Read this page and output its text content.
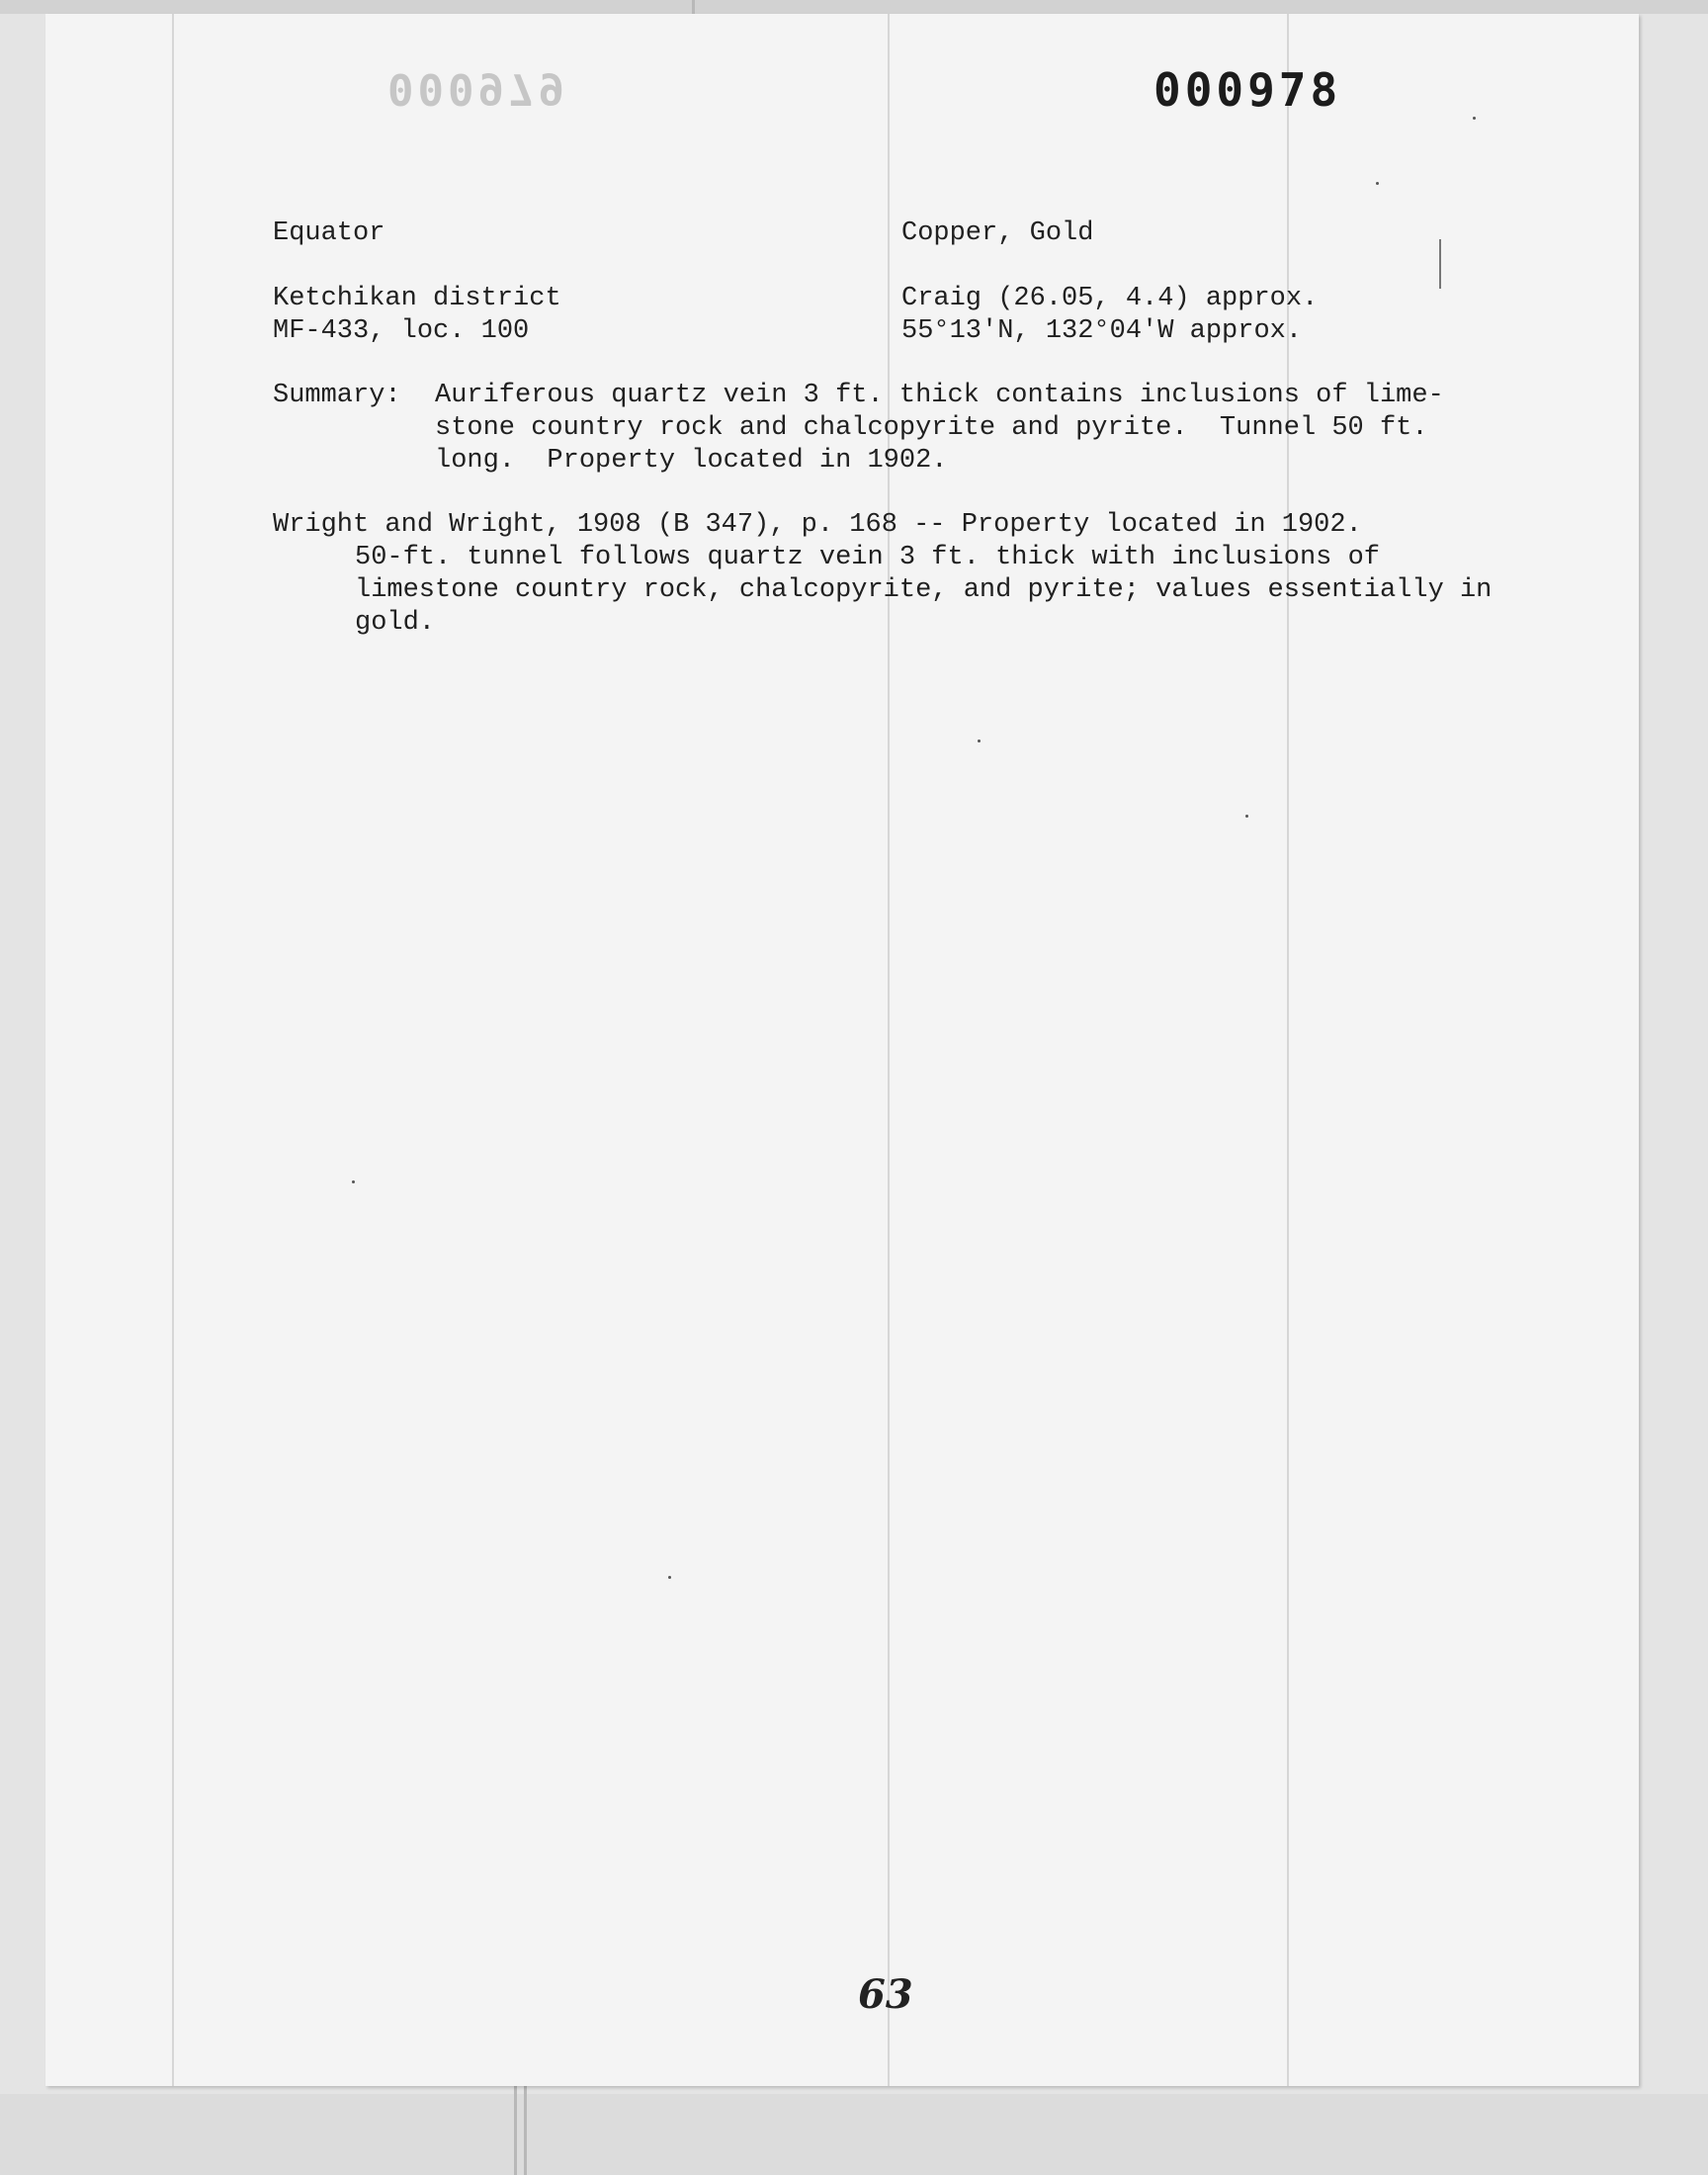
000979	000978

Equator	Copper, Gold

Ketchikan district	Craig (26.05, 4.4) approx.

MF-433, loc. 100	55°13'N, 132°04'W approx.

Summary: Auriferous quartz vein 3 ft. thick contains inclusions of lime-

stone country rock and chalcopyrite and pyrite.  Tunnel 50 ft.

long.  Property located in 1902.

Wright and Wright, 1908 (B 347), p. 168 -- Property located in 1902.

50-ft. tunnel follows quartz vein 3 ft. thick with inclusions of

limestone country rock, chalcopyrite, and pyrite; values essentially in

gold.

63
